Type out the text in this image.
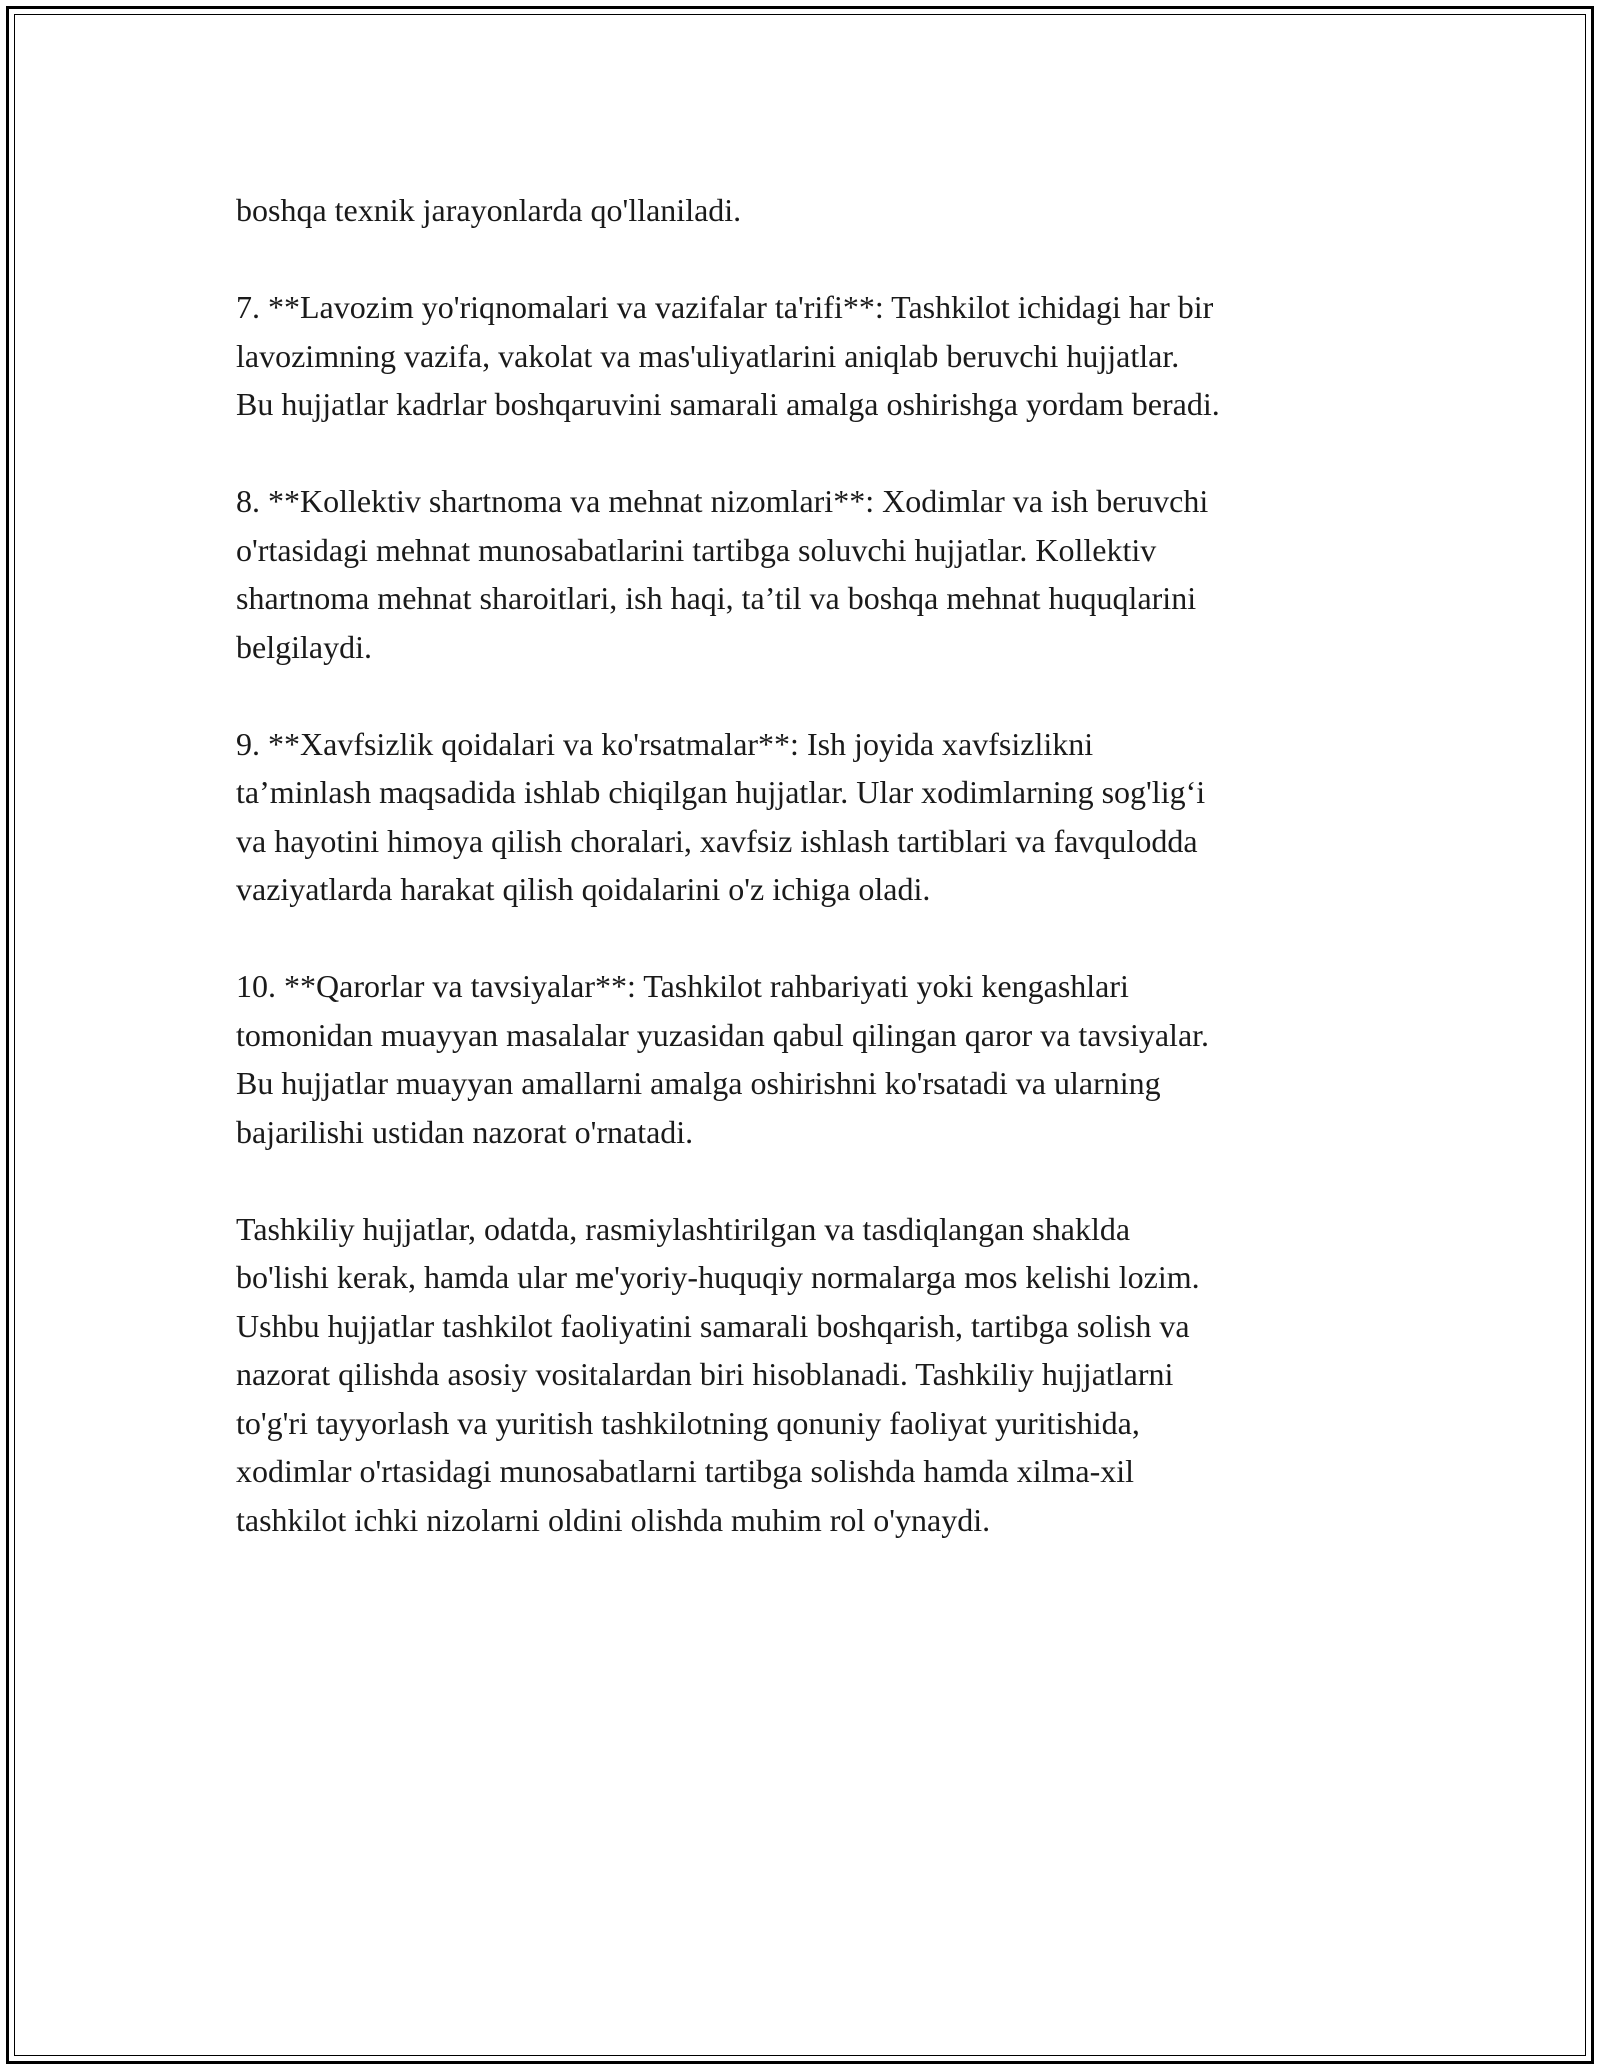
boshqa texnik jarayonlarda qo'llaniladi.

7. **Lavozim yo'riqnomalari va vazifalar ta'rifi**: Tashkilot ichidagi har bir
lavozimning vazifa, vakolat va mas'uliyatlarini aniqlab beruvchi hujjatlar.
Bu hujjatlar kadrlar boshqaruvini samarali amalga oshirishga yordam beradi.

8. **Kollektiv shartnoma va mehnat nizomlari**: Xodimlar va ish beruvchi
o'rtasidagi mehnat munosabatlarini tartibga soluvchi hujjatlar. Kollektiv
shartnoma mehnat sharoitlari, ish haqi, ta’til va boshqa mehnat huquqlarini
belgilaydi.

9. **Xavfsizlik qoidalari va ko'rsatmalar**: Ish joyida xavfsizlikni
ta’minlash maqsadida ishlab chiqilgan hujjatlar. Ular xodimlarning sog'lig‘i
va hayotini himoya qilish choralari, xavfsiz ishlash tartiblari va favqulodda
vaziyatlarda harakat qilish qoidalarini o'z ichiga oladi.

10. **Qarorlar va tavsiyalar**: Tashkilot rahbariyati yoki kengashlari
tomonidan muayyan masalalar yuzasidan qabul qilingan qaror va tavsiyalar.
Bu hujjatlar muayyan amallarni amalga oshirishni ko'rsatadi va ularning
bajarilishi ustidan nazorat o'rnatadi.

Tashkiliy hujjatlar, odatda, rasmiylashtirilgan va tasdiqlangan shaklda
bo'lishi kerak, hamda ular me'yoriy-huquqiy normalarga mos kelishi lozim.
Ushbu hujjatlar tashkilot faoliyatini samarali boshqarish, tartibga solish va
nazorat qilishda asosiy vositalardan biri hisoblanadi. Tashkiliy hujjatlarni
to'g'ri tayyorlash va yuritish tashkilotning qonuniy faoliyat yuritishida,
xodimlar o'rtasidagi munosabatlarni tartibga solishda hamda xilma-xil
tashkilot ichki nizolarni oldini olishda muhim rol o'ynaydi.
